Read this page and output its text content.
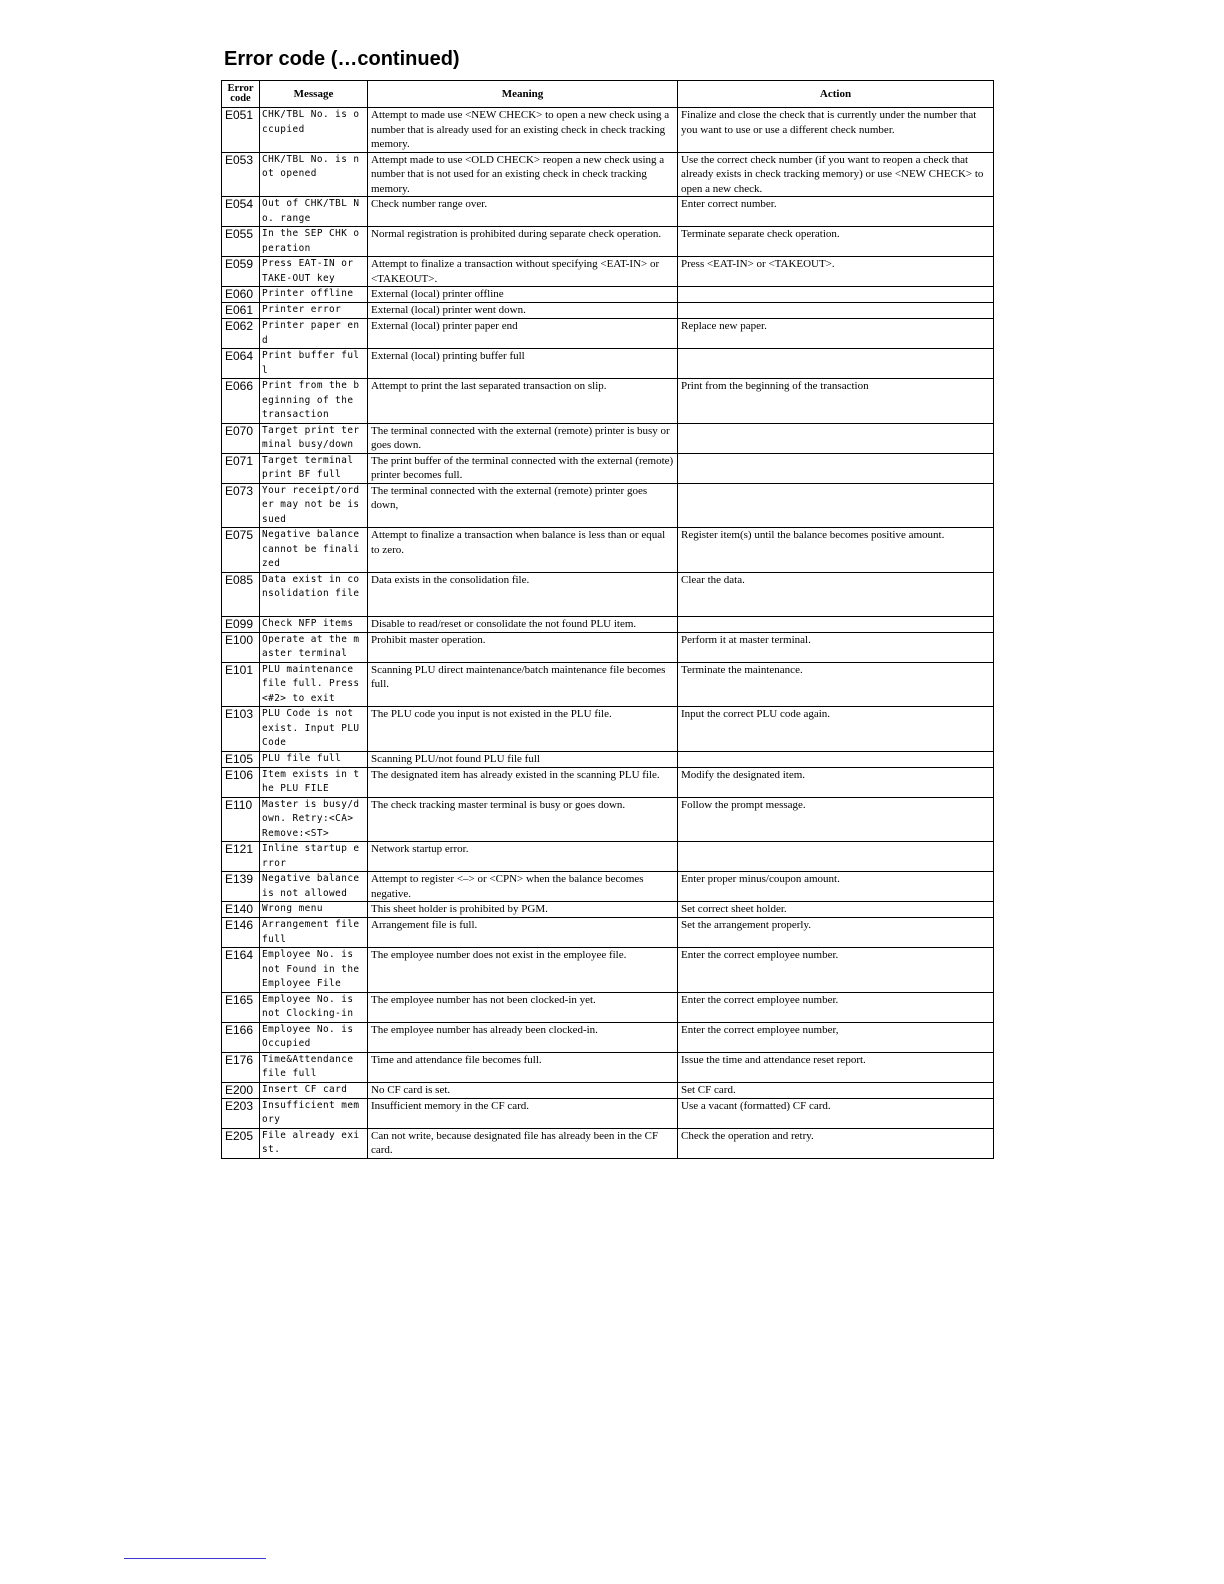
Error code (…continued)
Error code	Message	Meaning	Action
E051	CHK/TBL No. is occupied	Attempt to made use <NEW CHECK> to open a new check using a number that is already used for an existing check in check tracking memory.	Finalize and close the check that is currently under the number that you want to use or use a different check number.
E053	CHK/TBL No. is not opened	Attempt made to use <OLD CHECK> reopen a new check using a number that is not used for an existing check in check tracking memory.	Use the correct check number (if you want to reopen a check that already exists in check tracking memory) or use <NEW CHECK> to open a new check.
E054	Out of CHK/TBL No. range	Check number range over.	Enter correct number.
E055	In the SEP CHK operation	Normal registration is prohibited during separate check operation.	Terminate separate check operation.
E059	Press EAT-IN or TAKE-OUT key	Attempt to finalize a transaction without specifying <EAT-IN> or <TAKEOUT>.	Press <EAT-IN> or <TAKEOUT>.
E060	Printer offline	External (local) printer offline	
E061	Printer error	External (local) printer went down.	
E062	Printer paper end	External (local) printer paper end	Replace new paper.
E064	Print buffer full	External (local) printing buffer full	
E066	Print from the beginning of the transaction	Attempt to print the last separated transaction on slip.	Print from the beginning of the transaction
E070	Target print ter minal busy/down	The terminal connected with the external (remote) printer is busy or goes down.	
E071	Target terminal print BF full	The print buffer of the terminal connected with the external (remote) printer becomes full.	
E073	Your receipt/ord er may not be is sued	The terminal connected with the external (remote) printer goes down,	
E075	Negative balance cannot be finalized	Attempt to finalize a transaction when balance is less than or equal to zero.	Register item(s) until the balance becomes positive amount.
E085	Data exist in consolidation file	Data exists in the consolidation file.	Clear the data.
E099	Check NFP items	Disable to read/reset or consolidate the not found PLU item.	
E100	Operate at the master terminal	Prohibit master operation.	Perform it at master terminal.
E101	PLU maintenance file full. Press <#2> to exit	Scanning PLU direct maintenance/batch maintenance file becomes full.	Terminate the maintenance.
E103	PLU Code is not exist. Input PLU Code	The PLU code you input is not existed in the PLU file.	Input the correct PLU code again.
E105	PLU file full	Scanning PLU/not found PLU file full	
E106	Item exists in the PLU FILE	The designated item has already existed in the scanning PLU file.	Modify the designated item.
E110	Master is busy/d own. Retry:<CA> Remove:<ST>	The check tracking master terminal is busy or goes down.	Follow the prompt message.
E121	Inline startup error	Network startup error.	
E139	Negative balance is not allowed	Attempt to register <–> or <CPN> when the balance becomes negative.	Enter proper minus/coupon amount.
E140	Wrong menu	This sheet holder is prohibited by PGM.	Set correct sheet holder.
E146	Arrangement file full	Arrangement file is full.	Set the arrangement properly.
E164	Employee No. is not Found in the Employee File	The employee number does not exist in the employee file.	Enter the correct employee number.
E165	Employee No. is not Clocking-in	The employee number has not been clocked-in yet.	Enter the correct employee number.
E166	Employee No. is Occupied	The employee number has already been clocked-in.	Enter the correct employee number,
E176	Time&Attendance file full	Time and attendance file becomes full.	Issue the time and attendance reset report.
E200	Insert CF card	No CF card is set.	Set CF card.
E203	Insufficient memory	Insufficient memory in the CF card.	Use a vacant (formatted) CF card.
E205	File already exist.	Can not write, because designated file has already been in the CF card.	Check the operation and retry.
